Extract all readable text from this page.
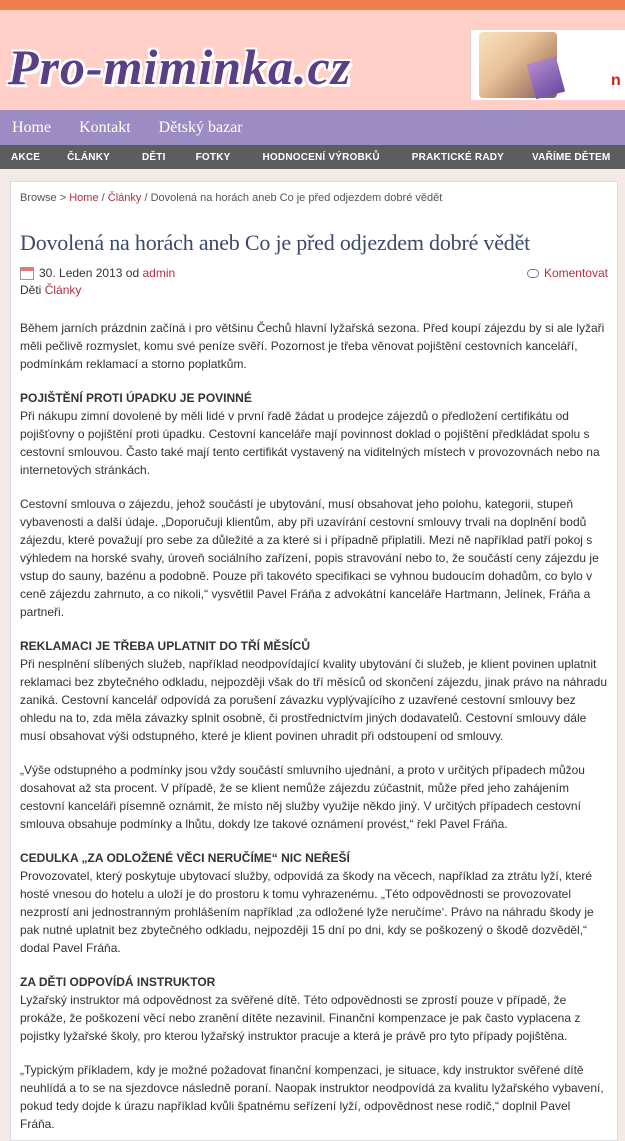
Pro-miminka.cz	n
Home Kontakt Dětský bazar
AKCE	ČLÁNKY	DĚTI	FOTKY	HODNOCENÍ VÝROBKŮ	PRAKTICKÉ RADY	VAŘÍME DĚTEM
Browse > Home / Články / Dovolená na horách aneb Co je před odjezdem dobré vědět
Dovolená na horách aneb Co je před odjezdem dobré vědět
30. Leden 2013
od
admin	Komentovat
Děti Články

Během jarních prázdnin začíná i pro většinu Čechů hlavní lyžařská sezona. Před koupí zájezdu by si ale lyžaři měli pečlivě rozmyslet, komu své peníze svěří. Pozornost je třeba věnovat pojištění cestovních kanceláří, podmínkám reklamací a storno poplatkům.

POJIŠTĚNÍ PROTI ÚPADKU JE POVINNÉ

Při nákupu zimní dovolené by měli lidé v první řadě žádat u prodejce zájezdů o předložení certifikátu od pojišťovny o pojištění proti úpadku. Cestovní kanceláře mají povinnost doklad o pojištění předkládat spolu s cestovní smlouvou. Často také mají tento certifikát vystavený na viditelných místech v provozovnách nebo na internetových stránkách.

Cestovní smlouva o zájezdu, jehož součástí je ubytování, musí obsahovat jeho polohu, kategorii, stupeň vybavenosti a další údaje. „Doporučuji klientům, aby při uzavírání cestovní smlouvy trvali na doplnění bodů zájezdu, které považují pro sebe za důležité a za které si i případně připlatili. Mezi ně například patří pokoj s výhledem na horské svahy, úroveň sociálního zařízení, popis stravování nebo to, že součástí ceny zájezdu je vstup do sauny, bazénu a podobně. Pouze při takovéto specifikaci se vyhnou budoucím dohadům, co bylo v ceně zájezdu zahrnuto, a co nikoli,“ vysvětlil Pavel Fráňa z advokátní kanceláře Hartmann, Jelínek, Fráňa a partneři.

REKLAMACI JE TŘEBA UPLATNIT DO TŘÍ MĚSÍCŮ

Při nesplnění slíbených služeb, například neodpovídající kvality ubytování či služeb, je klient povinen uplatnit reklamaci bez zbytečného odkladu, nejpozději však do tří měsíců od skončení zájezdu, jinak právo na náhradu zaniká. Cestovní kancelář odpovídá za porušení závazku vyplývajícího z uzavřené cestovní smlouvy bez ohledu na to, zda měla závazky splnit osobně, či prostřednictvím jiných dodavatelů. Cestovní smlouvy dále musí obsahovat výši odstupného, které je klient povinen uhradit při odstoupení od smlouvy.

„Výše odstupného a podmínky jsou vždy součástí smluvního ujednání, a proto v určitých případech můžou dosahovat až sta procent. V případě, že se klient nemůže zájezdu zúčastnit, může před jeho zahájením cestovní kanceláři písemně oznámit, že místo něj služby využije někdo jiný. V určitých případech cestovní smlouva obsahuje podmínky a lhůtu, dokdy lze takové oznámení provést,“ řekl Pavel Fráňa.

CEDULKA „ZA ODLOŽENÉ VĚCI NERUČÍME“ NIC NEŘEŠÍ

Provozovatel, který poskytuje ubytovací služby, odpovídá za škody na věcech, například za ztrátu lyží, které hosté vnesou do hotelu a uloží je do prostoru k tomu vyhrazenému. „Této odpovědnosti se provozovatel nezprostí ani jednostranným prohlášením například ‚za odložené lyže neručíme‘. Právo na náhradu škody je pak nutné uplatnit bez zbytečného odkladu, nejpozději 15 dní po dni, kdy se poškozený o škodě dozvěděl,“ dodal Pavel Fráňa.

ZA DĚTI ODPOVÍDÁ INSTRUKTOR

Lyžařský instruktor má odpovědnost za svěřené dítě. Této odpovědnosti se zprostí pouze v případě, že prokáže, že poškození věcí nebo zranění dítěte nezavinil. Finanční kompenzace je pak často vyplacena z pojistky lyžařské školy, pro kterou lyžařský instruktor pracuje a která je právě pro tyto případy pojištěna.

„Typickým příkladem, kdy je možné požadovat finanční kompenzaci, je situace, kdy instruktor svěřené dítě neuhlídá a to se na sjezdovce následně poraní. Naopak instruktor neodpovídá za kvalitu lyžařského vybavení, pokud tedy dojde k úrazu například kvůli špatnému seřízení lyží, odpovědnost nese rodič,“ doplnil Pavel Fráňa.
